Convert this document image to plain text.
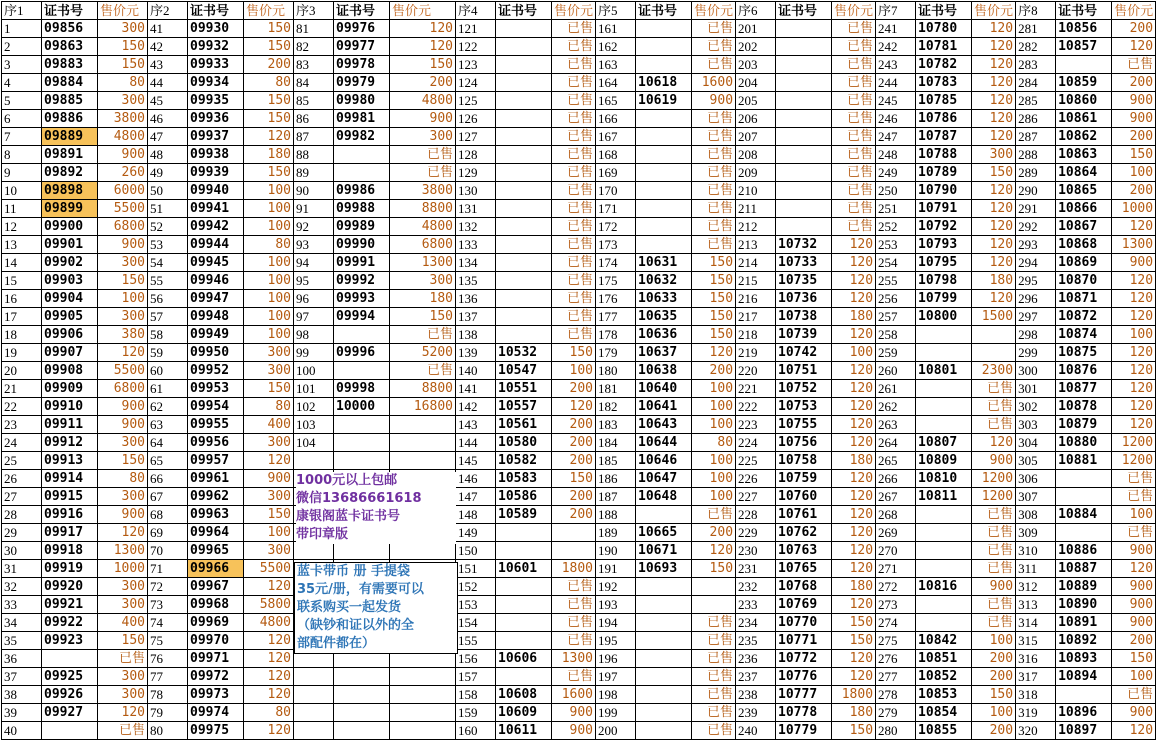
序1	证书号	售价元	序2	证书号	售价元	序3	证书号	售价元	序4	证书号	售价元	序5	证书号	售价元	序6	证书号	售价元	序7	证书号	售价元	序8	证书号	售价元
1	09856	300	41	09930	150	81	09976	120	121		已售	161		已售	201		已售	241	10780	120	281	10856	200
2	09863	150	42	09932	150	82	09977	120	122		已售	162		已售	202		已售	242	10781	120	282	10857	120
3	09883	150	43	09933	200	83	09978	150	123		已售	163		已售	203		已售	243	10782	120	283		已售
4	09884	80	44	09934	80	84	09979	200	124		已售	164	10618	1600	204		已售	244	10783	120	284	10859	200
5	09885	300	45	09935	150	85	09980	4800	125		已售	165	10619	900	205		已售	245	10785	120	285	10860	900
6	09886	3800	46	09936	150	86	09981	900	126		已售	166		已售	206		已售	246	10786	120	286	10861	900
7	09889	4800	47	09937	120	87	09982	300	127		已售	167		已售	207		已售	247	10787	120	287	10862	200
8	09891	900	48	09938	180	88		已售	128		已售	168		已售	208		已售	248	10788	300	288	10863	150
9	09892	260	49	09939	150	89		已售	129		已售	169		已售	209		已售	249	10789	150	289	10864	100
10	09898	6000	50	09940	100	90	09986	3800	130		已售	170		已售	210		已售	250	10790	120	290	10865	200
11	09899	5500	51	09941	100	91	09988	8800	131		已售	171		已售	211		已售	251	10791	120	291	10866	1000
12	09900	6800	52	09942	100	92	09989	4800	132		已售	172		已售	212		已售	252	10792	120	292	10867	120
13	09901	900	53	09944	80	93	09990	6800	133		已售	173		已售	213	10732	120	253	10793	120	293	10868	1300
14	09902	300	54	09945	100	94	09991	1300	134		已售	174	10631	150	214	10733	120	254	10795	120	294	10869	900
15	09903	150	55	09946	100	95	09992	300	135		已售	175	10632	150	215	10735	120	255	10798	180	295	10870	120
16	09904	100	56	09947	100	96	09993	180	136		已售	176	10633	150	216	10736	120	256	10799	120	296	10871	120
17	09905	300	57	09948	100	97	09994	150	137		已售	177	10635	150	217	10738	180	257	10800	1500	297	10872	120
18	09906	380	58	09949	100	98		已售	138		已售	178	10636	150	218	10739	120	258			298	10874	100
19	09907	120	59	09950	300	99	09996	5200	139	10532	150	179	10637	120	219	10742	100	259			299	10875	120
20	09908	5500	60	09952	300	100		已售	140	10547	100	180	10638	200	220	10751	120	260	10801	2300	300	10876	120
21	09909	6800	61	09953	150	101	09998	8800	141	10551	200	181	10640	100	221	10752	120	261		已售	301	10877	120
22	09910	900	62	09954	80	102	10000	16800	142	10557	120	182	10641	100	222	10753	120	262		已售	302	10878	120
23	09911	900	63	09955	400	103			143	10561	200	183	10643	100	223	10755	120	263		已售	303	10879	120
24	09912	300	64	09956	300	104			144	10580	200	184	10644	80	224	10756	120	264	10807	120	304	10880	1200
25	09913	150	65	09957	120				145	10582	200	185	10646	100	225	10758	180	265	10809	900	305	10881	1200
26	09914	80	66	09961	900				146	10583	150	186	10647	100	226	10759	120	266	10810	1200	306		已售
27	09915	300	67	09962	300				147	10586	200	187	10648	100	227	10760	120	267	10811	1200	307		已售
28	09916	900	68	09963	150				148	10589	200	188		已售	228	10761	120	268		已售	308	10884	100
29	09917	120	69	09964	100				149			189	10665	200	229	10762	120	269		已售	309		已售
30	09918	1300	70	09965	300				150			190	10671	120	230	10763	120	270		已售	310	10886	900
31	09919	1000	71	09966	5500				151	10601	1800	191	10693	150	231	10765	120	271		已售	311	10887	120
32	09920	300	72	09967	120				152		已售	192			232	10768	180	272	10816	900	312	10889	900
33	09921	300	73	09968	5800				153		已售	193			233	10769	120	273		已售	313	10890	900
34	09922	400	74	09969	4800				154		已售	194		已售	234	10770	150	274		已售	314	10891	900
35	09923	150	75	09970	120				155		已售	195		已售	235	10771	150	275	10842	100	315	10892	200
36		已售	76	09971	120				156	10606	1300	196		已售	236	10772	120	276	10851	200	316	10893	150
37	09925	300	77	09972	120				157		已售	197		已售	237	10776	120	277	10852	200	317	10894	100
38	09926	300	78	09973	120				158	10608	1600	198		已售	238	10777	1800	278	10853	150	318		已售
39	09927	120	79	09974	80				159	10609	900	199		已售	239	10778	180	279	10854	100	319	10896	900
40		已售	80	09975	120				160	10611	900	200		已售	240	10779	150	280	10855	200	320	10897	120
1000元以上包邮
微信13686661618
康银阁蓝卡证书号
带印章版
蓝卡带币 册 手提袋
35元/册，有需要可以
联系购买一起发货
（缺钞和证以外的全
部配件都在）
